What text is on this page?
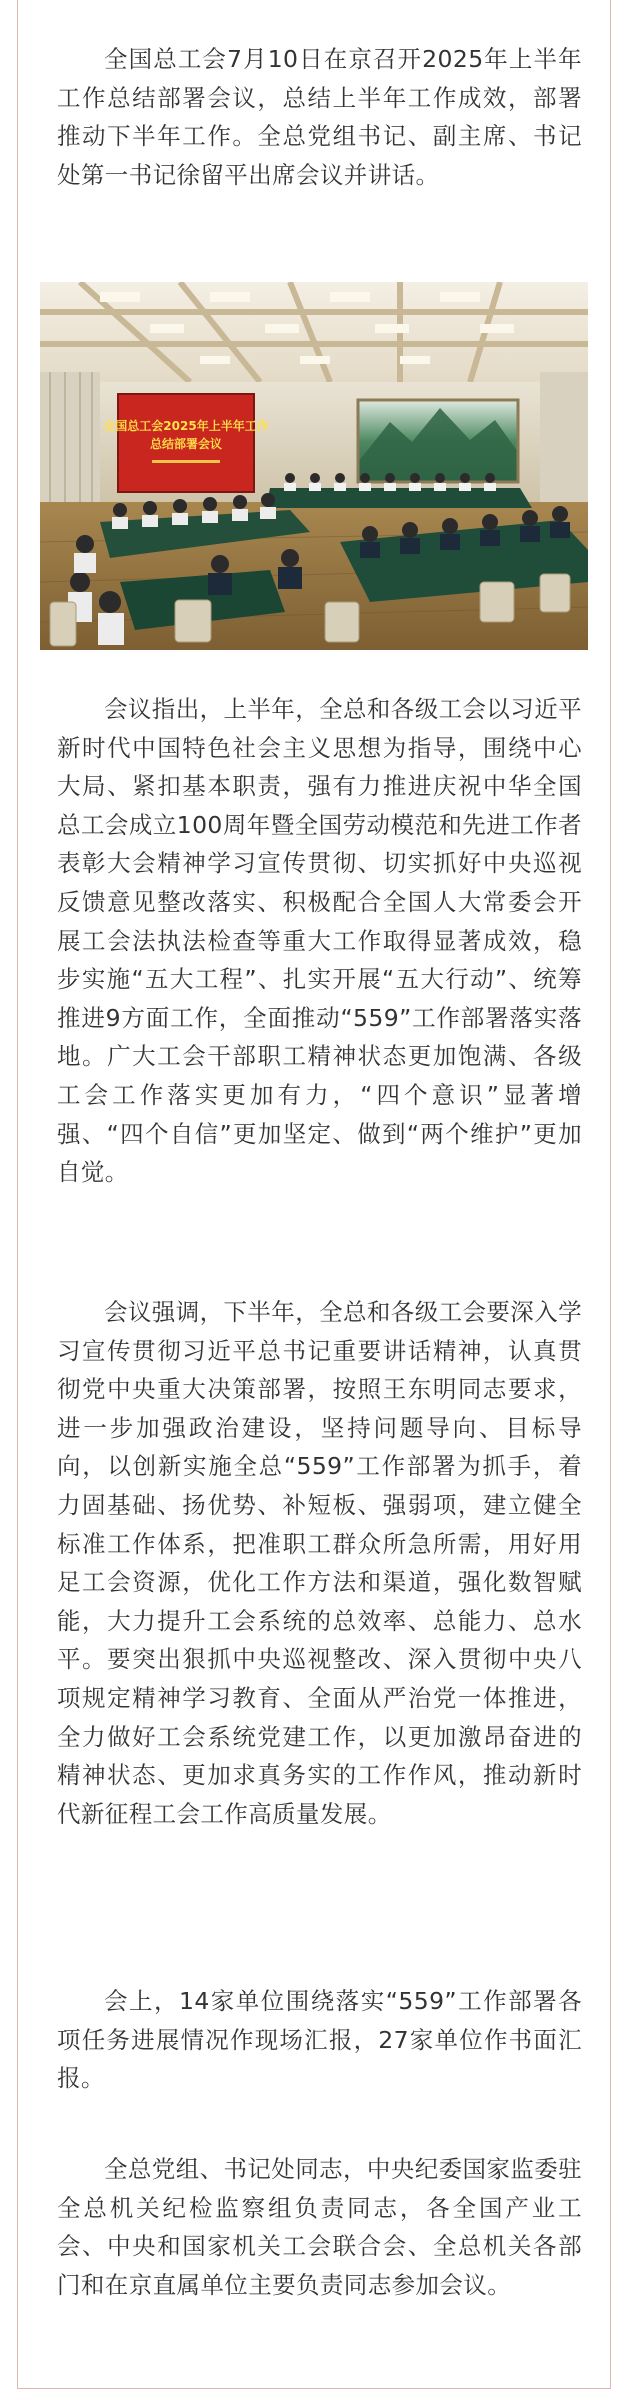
全国总工会7月10日在京召开2025年上半年工作总结部署会议，总结上半年工作成效，部署推动下半年工作。全总党组书记、副主席、书记处第一书记徐留平出席会议并讲话。

全国总工会2025年上半年工作
总结部署会议

会议指出，上半年，全总和各级工会以习近平新时代中国特色社会主义思想为指导，围绕中心大局、紧扣基本职责，强有力推进庆祝中华全国总工会成立100周年暨全国劳动模范和先进工作者表彰大会精神学习宣传贯彻、切实抓好中央巡视反馈意见整改落实、积极配合全国人大常委会开展工会法执法检查等重大工作取得显著成效，稳步实施“五大工程”、扎实开展“五大行动”、统筹推进9方面工作，全面推动“559”工作部署落实落地。广大工会干部职工精神状态更加饱满、各级工会工作落实更加有力，“四个意识”显著增强、“四个自信”更加坚定、做到“两个维护”更加自觉。

会议强调，下半年，全总和各级工会要深入学习宣传贯彻习近平总书记重要讲话精神，认真贯彻党中央重大决策部署，按照王东明同志要求，进一步加强政治建设，坚持问题导向、目标导向，以创新实施全总“559”工作部署为抓手，着力固基础、扬优势、补短板、强弱项，建立健全标准工作体系，把准职工群众所急所需，用好用足工会资源，优化工作方法和渠道，强化数智赋能，大力提升工会系统的总效率、总能力、总水平。要突出狠抓中央巡视整改、深入贯彻中央八项规定精神学习教育、全面从严治党一体推进，全力做好工会系统党建工作，以更加激昂奋进的精神状态、更加求真务实的工作作风，推动新时代新征程工会工作高质量发展。

会上，14家单位围绕落实“559”工作部署各项任务进展情况作现场汇报，27家单位作书面汇报。

全总党组、书记处同志，中央纪委国家监委驻全总机关纪检监察组负责同志，各全国产业工会、中央和国家机关工会联合会、全总机关各部门和在京直属单位主要负责同志参加会议。
